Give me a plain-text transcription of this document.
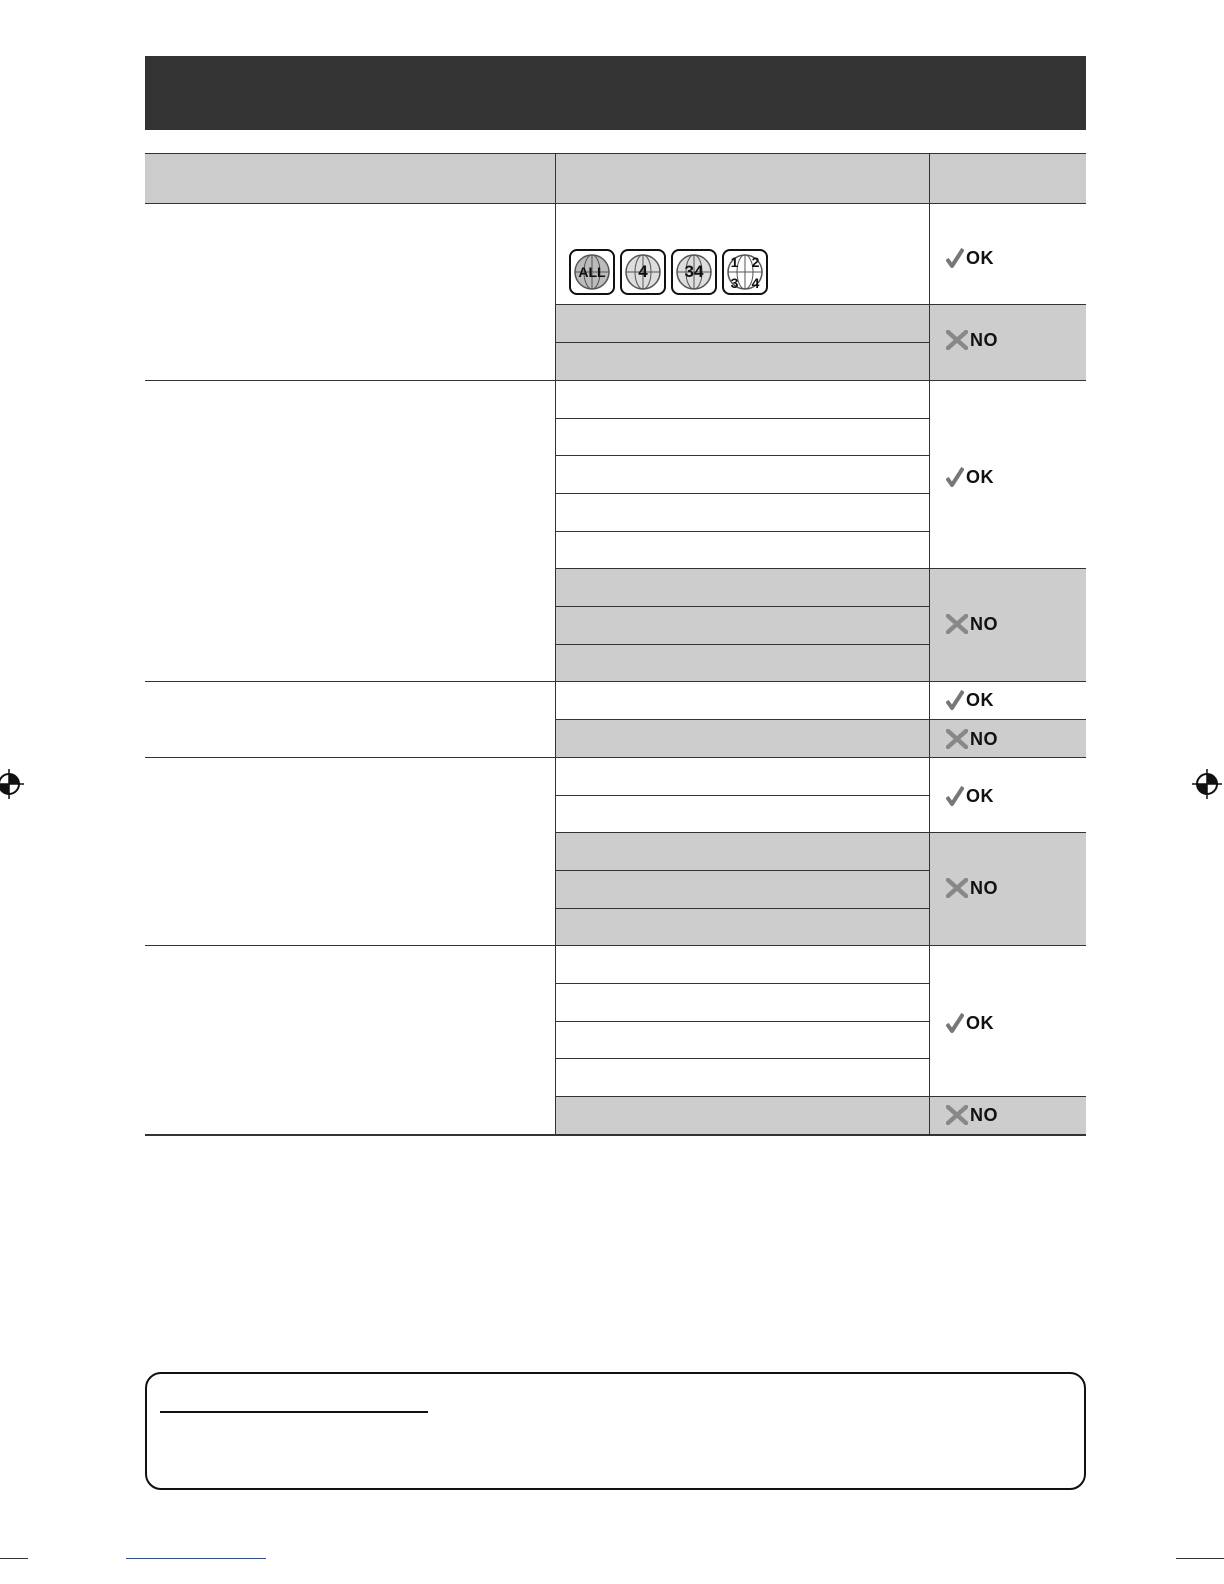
ALL	4	34
1 2
3 4
OK
NO
OK
NO
OK
NO
OK
NO
OK
NO
